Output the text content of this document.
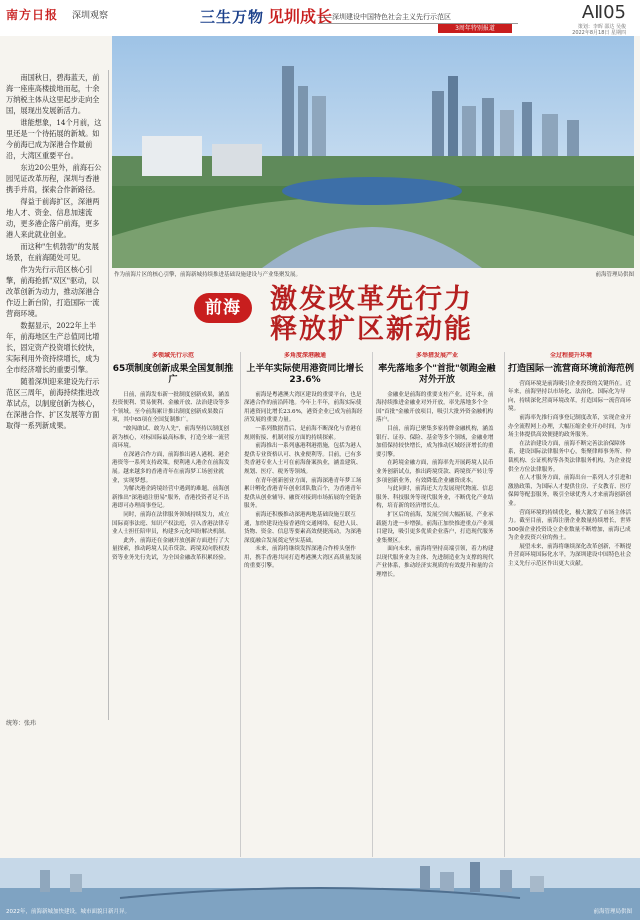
南方日报 深圳观察	三生万物 见圳成长
——深圳建设中国特色社会主义先行示范区
3周年特别报道
AⅡ05
策划：李晖 邵达 吴俊
2022年8月18日 星期四

南国秋日，碧海蓝天，前海一座座高楼拔地而起，十余万纳税主体从这里起步走向全国，展现出发展新活力。

谁能想象，14个月前，这里还是一个待拓展的新城。如今前海已成为深港合作最前沿，大湾区重要平台。

东边20公里外，前海石公园见证改革历程，深圳与香港携手并肩，探索合作新路径。

得益于前海扩区，深港两地人才、资金、信息加速流动，更多港企落户前海，更多港人来此就业创业。

而这种"生机勃勃"的发展场景，在前海随处可见。

作为先行示范区核心引擎，前海抢抓"双区"驱动，以改革创新为动力，推动深港合作迈上新台阶，打造国际一流营商环境。

数据显示，2022年上半年，前海地区生产总值同比增长，固定资产投资增长较快，实际利用外资持续增长，成为全市经济增长的重要引擎。

随着深圳迎来建设先行示范区三周年，前海持续推进改革试点，以制度创新为核心，在深港合作、扩区发展等方面取得一系列新成果。

统筹：张玮
作为前海片区的核心引擎，前海新城持续推进基础设施建设与产业集聚发展。	前海管理局供图
前海	激发改革先行力
释放扩区新动能
多领域先行示范
65项制度创新成果全国复制推广

日前，前海发布新一批制度创新成果，涵盖投资便利、贸易便利、金融开放、法治建设等多个领域。至今前海累计推出制度创新成果数百项，其中65项在全国复制推广。

"敢闯敢试、敢为人先"，前海坚持以制度创新为核心，对标国际最高标准，打造全球一流营商环境。

在深港合作方面，前海推出港人港税、港企港资等一系列支持政策，便利港人港企在前海发展。越来越多的香港青年在前海梦工场创业就业，实现梦想。

为解决港企跨境经营中遇到的难题，前海创新推出"深港通注册易"服务，香港投资者足不出港即可办理商事登记。

同时，前海在法律服务领域持续发力，成立国际商事法庭、知识产权法庭，引入香港法律专业人士担任陪审员，构建多元化纠纷解决机制。

此外，前海还在金融开放创新方面进行了大量探索，推动跨境人民币贷款、跨境双向股权投资等业务先行先试，为全国金融改革积累经验。

多角度深港融通
上半年实际使用港资同比增长23.6%

前海是粤港澳大湾区建设的重要平台，也是深港合作的前沿阵地。今年上半年，前海实际使用港资同比增长23.6%，港资企业已成为前海经济发展的重要力量。

一系列数据背后，是前海不断深化与香港在规则衔接、机制对接方面的持续探索。

前海推出一系列惠港利港措施，包括为港人提供专业资格认可、执业便利等。目前，已有多类香港专业人士可在前海备案执业，涵盖建筑、规划、医疗、税务等领域。

在青年创新创业方面，前海深港青年梦工场累计孵化香港青年创业团队数百个，为香港青年提供从创业辅导、融资对接到市场拓展的全链条服务。

前海还积极推动深港两地基础设施互联互通，加快建设连接香港的交通网络，促进人员、货物、资金、信息等要素高效便捷流动，为深港深度融合发展奠定坚实基础。

未来，前海将继续发挥深港合作桥头堡作用，携手香港共同打造粤港澳大湾区高质量发展的重要引擎。

多举措发展产业
率先落地多个"首批"领跑金融对外开放

金融业是前海的重要支柱产业。近年来，前海持续推进金融业对外开放，率先落地多个全国"首批"金融开放项目，吸引大批外资金融机构落户。

目前，前海已聚集多家持牌金融机构，涵盖银行、证券、保险、基金等多个领域，金融业增加值保持较快增长，成为推动区域经济增长的重要引擎。

在跨境金融方面，前海率先开展跨境人民币业务创新试点，推出跨境贷款、跨境资产转让等多项创新业务，有效降低企业融资成本。

与此同时，前海还大力发展现代物流、信息服务、科技服务等现代服务业，不断优化产业结构，培育新的经济增长点。

扩区后的前海，发展空间大幅拓展，产业承载能力进一步增强。前海正加快推进重点产业项目建设，吸引更多优质企业落户，打造现代服务业集聚区。

面向未来，前海将坚持高端引领，着力构建以现代服务业为主体、先进制造业为支撑的现代产业体系，推动经济实现质的有效提升和量的合理增长。

全过程提升环境
打造国际一流营商环境前海范例

营商环境是前海吸引企业投资的关键所在。近年来，前海坚持以市场化、法治化、国际化为导向，持续深化营商环境改革，打造国际一流营商环境。

前海率先推行商事登记制度改革，实现企业开办全流程网上办理，大幅压缩企业开办时间，为市场主体提供高效便捷的政务服务。

在法治建设方面，前海不断完善法治保障体系，建设国际法律服务中心，集聚律师事务所、仲裁机构、公证机构等各类法律服务机构，为企业提供全方位法律服务。

在人才服务方面，前海出台一系列人才引进和激励政策，为国际人才提供住房、子女教育、医疗保障等配套服务，吸引全球优秀人才来前海创新创业。

营商环境的持续优化，极大激发了市场主体活力。截至目前，前海注册企业数量持续增长，世界500强企业投资设立企业数量不断增加，前海已成为企业投资兴业的热土。

展望未来，前海将继续深化改革创新，不断提升营商环境国际化水平，为深圳建设中国特色社会主义先行示范区作出更大贡献。

2022年，前海新城加快建设，城市面貌日新月异。	前海管理局供图
